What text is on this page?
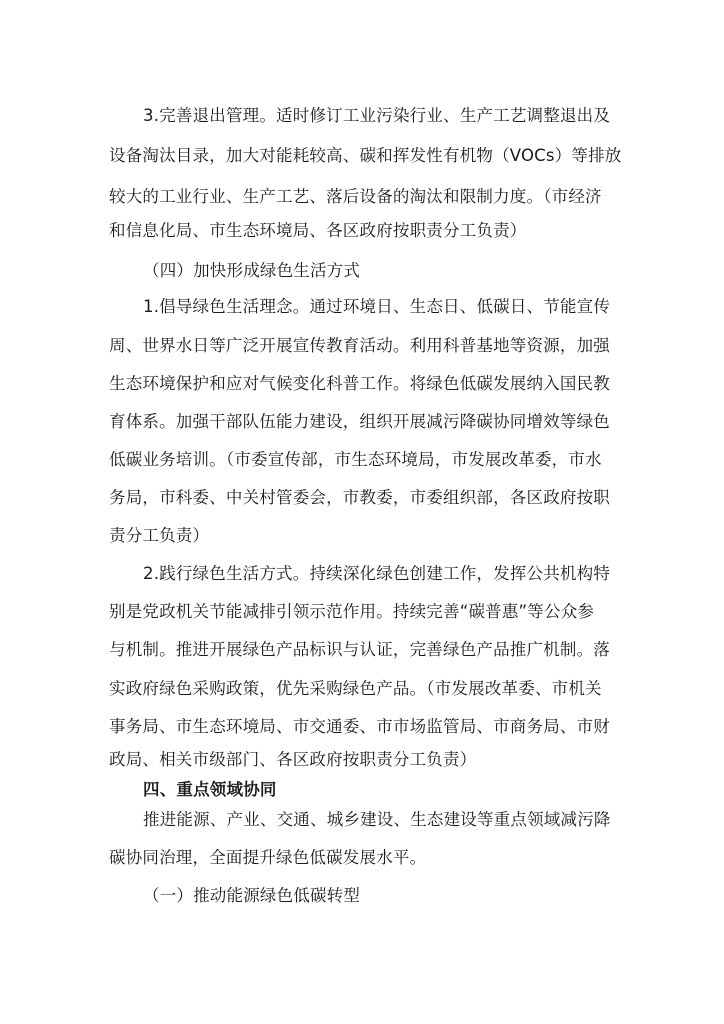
3.完善退出管理。适时修订工业污染行业、生产工艺调整退出及
设备淘汰目录，加大对能耗较高、碳和挥发性有机物（VOCs）等排放
较大的工业行业、生产工艺、落后设备的淘汰和限制力度。（市经济
和信息化局、市生态环境局、各区政府按职责分工负责）
（四）加快形成绿色生活方式
1.倡导绿色生活理念。通过环境日、生态日、低碳日、节能宣传
周、世界水日等广泛开展宣传教育活动。利用科普基地等资源，加强
生态环境保护和应对气候变化科普工作。将绿色低碳发展纳入国民教
育体系。加强干部队伍能力建设，组织开展减污降碳协同增效等绿色
低碳业务培训。（市委宣传部，市生态环境局，市发展改革委，市水
务局，市科委、中关村管委会，市教委，市委组织部，各区政府按职
责分工负责）
2.践行绿色生活方式。持续深化绿色创建工作，发挥公共机构特
别是党政机关节能减排引领示范作用。持续完善“碳普惠”等公众参
与机制。推进开展绿色产品标识与认证，完善绿色产品推广机制。落
实政府绿色采购政策，优先采购绿色产品。（市发展改革委、市机关
事务局、市生态环境局、市交通委、市市场监管局、市商务局、市财
政局、相关市级部门、各区政府按职责分工负责）
四、重点领域协同
推进能源、产业、交通、城乡建设、生态建设等重点领域减污降
碳协同治理，全面提升绿色低碳发展水平。
（一）推动能源绿色低碳转型
